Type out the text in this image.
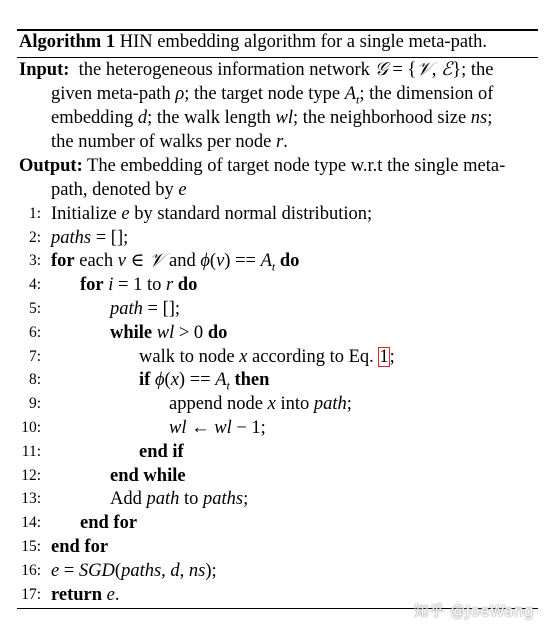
Algorithm 1 HIN embedding algorithm for a single meta-path.
Input:  the heterogeneous information network 𝒢 = {𝒱, ℰ}; the
given meta-path ρ; the target node type $A_t$; the dimension of
embedding d; the walk length wl; the neighborhood size ns;
the number of walks per node r.
Output: The embedding of target node type w.r.t the single meta-
path, denoted by e
1: Initialize e by standard normal distribution;
2: paths = [];
3: for each v ∈ 𝒱 and $\phi(v) == A_t$ do
4: for i = 1 to r do
5:	path = [];
6:	while wl > 0 do
7:	walk to node x according to Eq. 1;
8:	if $\phi(x) == A_t$ then
9:	append node x into path;
10:	wl ← wl − 1;
11:	end if
12:	end while
13:	Add path to paths;
14: end for
15: end for
16: e = SGD(paths, d, ns);
17: return e.
知乎 @JoeWang
